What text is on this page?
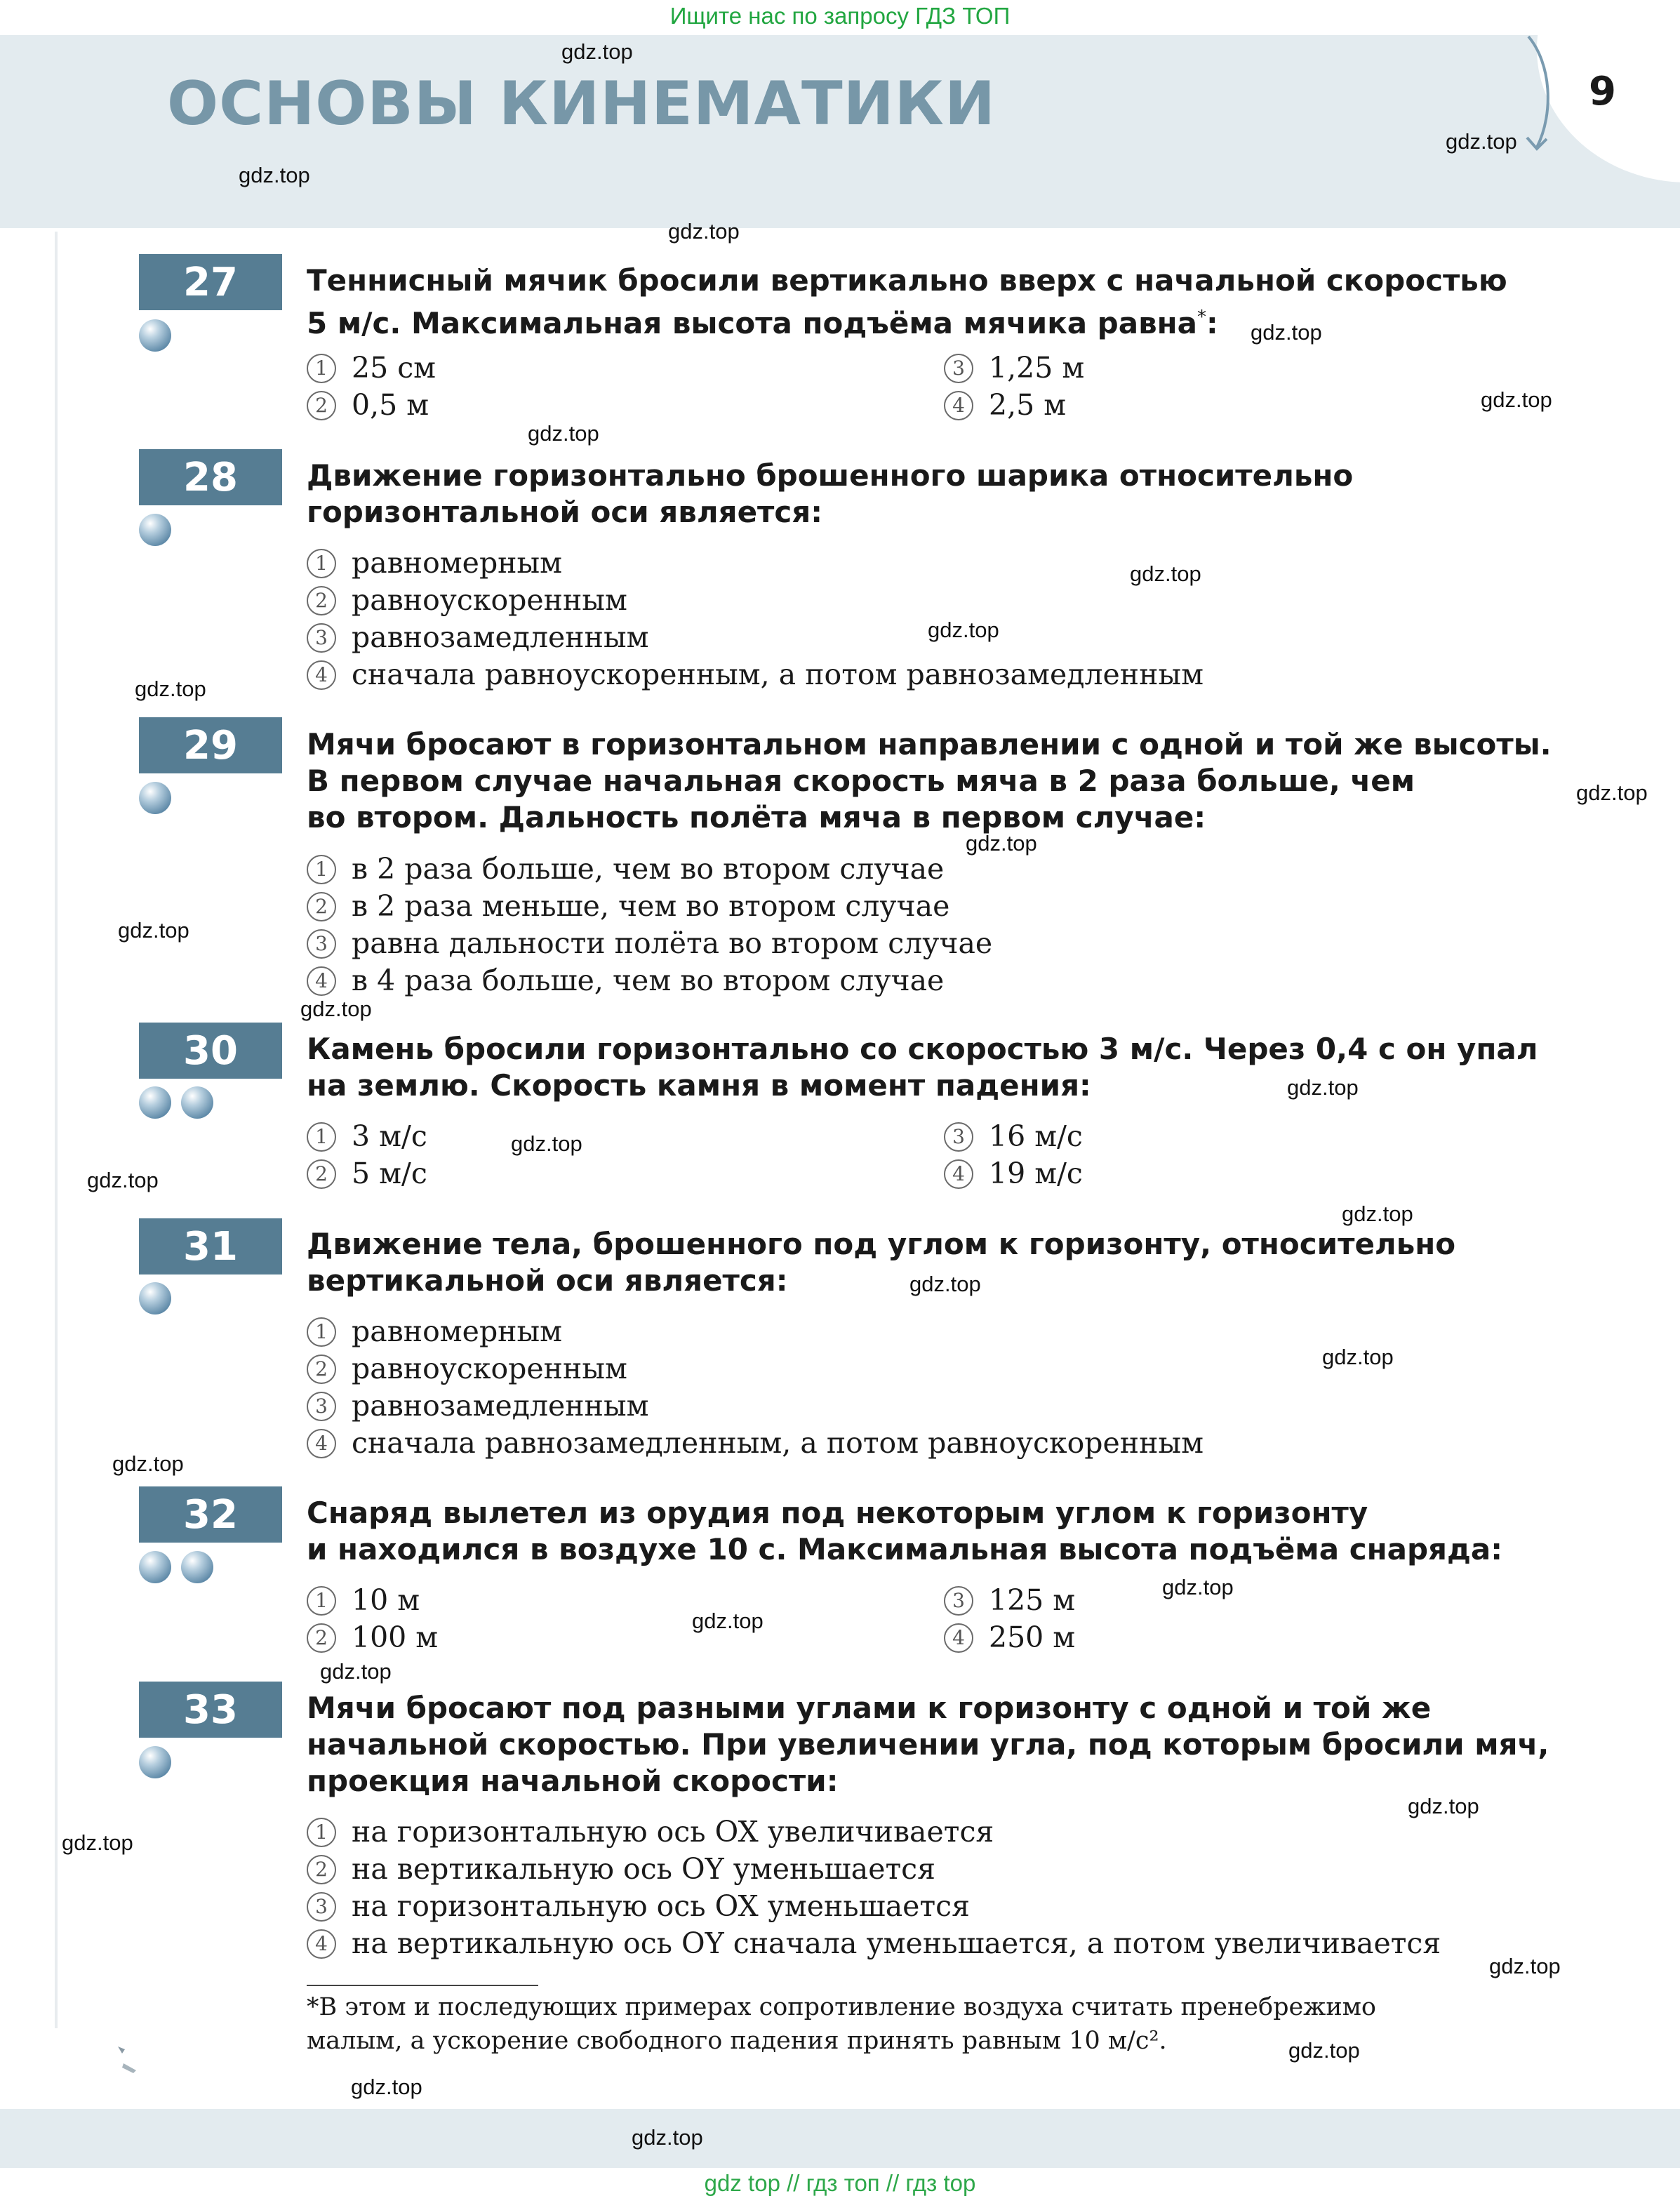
Ищите нас по запросу ГДЗ ТОП
ОСНОВЫ КИНЕМАТИКИ	9
27	Теннисный мячик бросили вертикально вверх с начальной скоростью
5 м/с. Максимальная высота подъёма мячика равна*:
1 25 см
2 0,5 м
3 1,25 м
4 2,5 м
28	Движение горизонтально брошенного шарика относительно
горизонтальной оси является:
1 равномерным
2 равноускоренным
3 равнозамедленным
4 сначала равноускоренным, а потом равнозамедленным
29	Мячи бросают в горизонтальном направлении с одной и той же высоты.
В первом случае начальная скорость мяча в 2 раза больше, чем
во втором. Дальность полёта мяча в первом случае:
1 в 2 раза больше, чем во втором случае
2 в 2 раза меньше, чем во втором случае
3 равна дальности полёта во втором случае
4 в 4 раза больше, чем во втором случае
30	Камень бросили горизонтально со скоростью 3 м/с. Через 0,4 с он упал
на землю. Скорость камня в момент падения:
1 3 м/с
2 5 м/с
3 16 м/с
4 19 м/с
31	Движение тела, брошенного под углом к горизонту, относительно
вертикальной оси является:
1 равномерным
2 равноускоренным
3 равнозамедленным
4 сначала равнозамедленным, а потом равноускоренным
32	Снаряд вылетел из орудия под некоторым углом к горизонту
и находился в воздухе 10 с. Максимальная высота подъёма снаряда:
1 10 м
2 100 м
3 125 м
4 250 м
33	Мячи бросают под разными углами к горизонту с одной и той же
начальной скоростью. При увеличении угла, под которым бросили мяч,
проекция начальной скорости:
1 на горизонтальную ось OX увеличивается
2 на вертикальную ось OY уменьшается
3 на горизонтальную ось OX уменьшается
4 на вертикальную ось OY сначала уменьшается, а потом увеличивается
*В этом и последующих примерах сопротивление воздуха считать пренебрежимо
малым, а ускорение свободного падения принять равным 10 м/с².
gdz top // гдз топ // гдз top
gdz.top
gdz.top
gdz.top
gdz.top
gdz.top
gdz.top
gdz.top
gdz.top
gdz.top
gdz.top
gdz.top
gdz.top
gdz.top
gdz.top
gdz.top
gdz.top
gdz.top
gdz.top
gdz.top
gdz.top
gdz.top
gdz.top
gdz.top
gdz.top
gdz.top
gdz.top
gdz.top
gdz.top
gdz.top
gdz.top
